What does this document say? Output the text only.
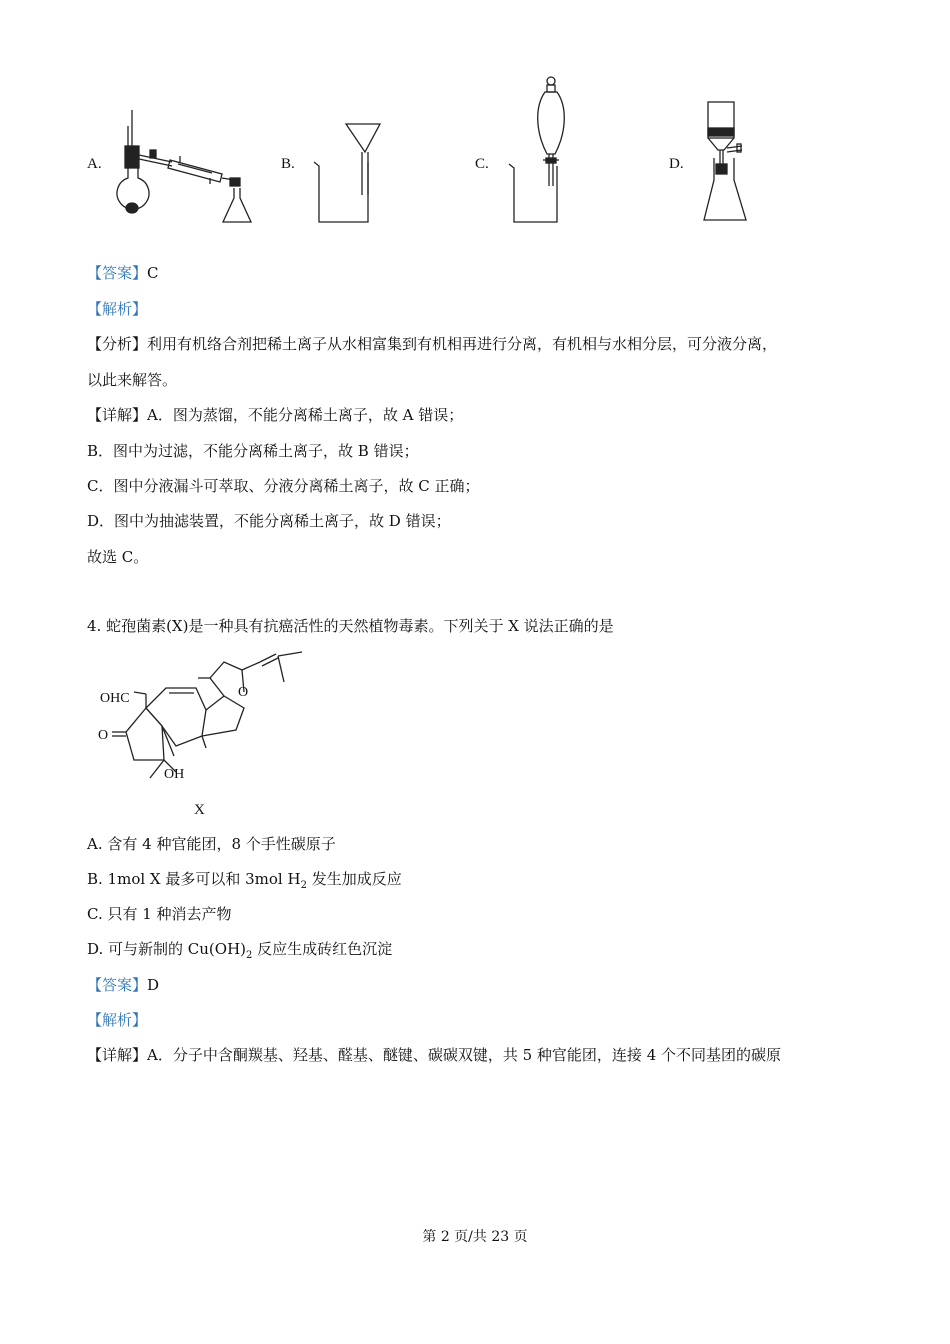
A.	B.	C.	D.
【答案】C
【解析】
【分析】利用有机络合剂把稀土离子从水相富集到有机相再进行分离，有机相与水相分层，可分液分离，
以此来解答。
【详解】A．图为蒸馏，不能分离稀土离子，故 A 错误；
B．图中为过滤，不能分离稀土离子，故 B 错误；
C．图中分液漏斗可萃取、分液分离稀土离子，故 C 正确；
D．图中为抽滤装置，不能分离稀土离子，故 D 错误；
故选 C。
4. 蛇孢菌素(X)是一种具有抗癌活性的天然植物毒素。下列关于 X 说法正确的是
OHC	O
O
OH
X
A. 含有 4 种官能团，8 个手性碳原子
B. 1mol X 最多可以和 3mol $H_2$ 发生加成反应
C. 只有 1 种消去产物
D. 可与新制的 $Cu(OH)_2$ 反应生成砖红色沉淀
【答案】D
【解析】
【详解】A．分子中含酮羰基、羟基、醛基、醚键、碳碳双键，共 5 种官能团，连接 4 个不同基团的碳原
第 2 页/共 23 页
